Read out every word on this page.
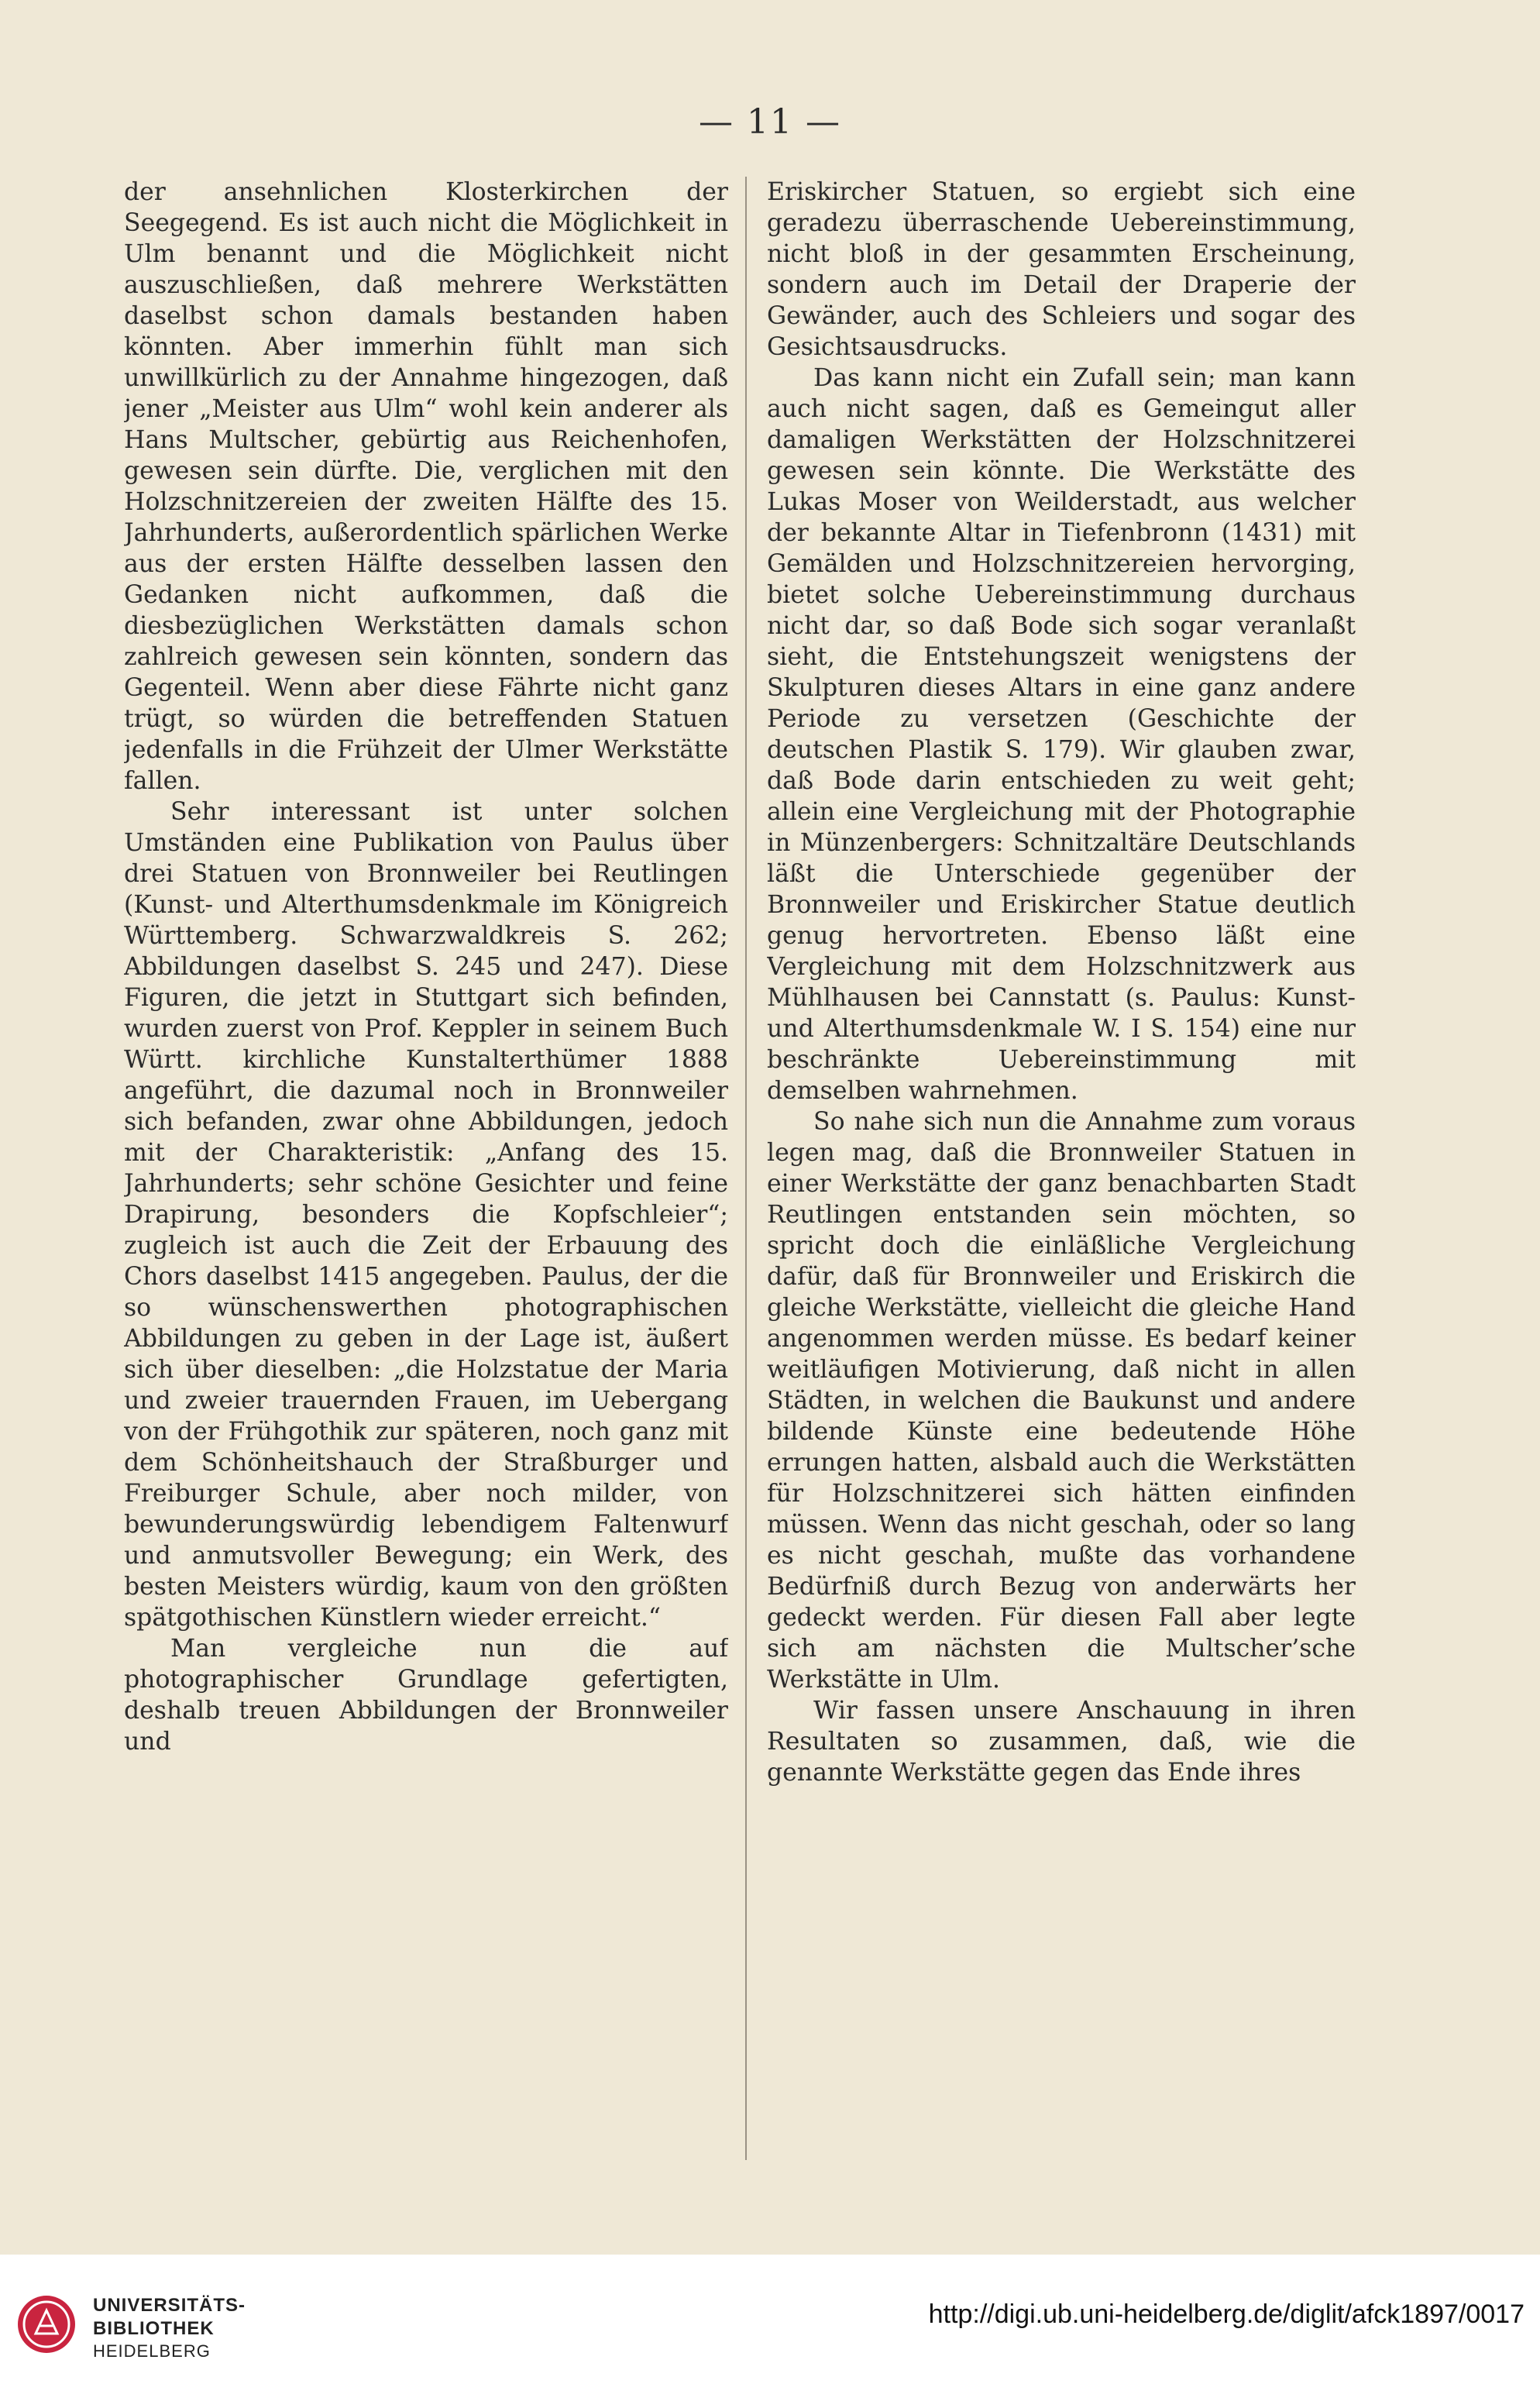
— 11 —

der ansehnlichen Klosterkirchen der Seegegend. Es ist auch nicht die Möglichkeit in Ulm benannt und die Möglichkeit nicht auszuschließen, daß mehrere Werkstätten daselbst schon damals bestanden haben könnten. Aber immerhin fühlt man sich unwillkürlich zu der Annahme hingezogen, daß jener „Meister aus Ulm“ wohl kein anderer als Hans Multscher, gebürtig aus Reichenhofen, gewesen sein dürfte. Die, verglichen mit den Holzschnitzereien der zweiten Hälfte des 15. Jahrhunderts, außerordentlich spärlichen Werke aus der ersten Hälfte desselben lassen den Gedanken nicht aufkommen, daß die diesbezüglichen Werkstätten damals schon zahlreich gewesen sein könnten, sondern das Gegenteil. Wenn aber diese Fährte nicht ganz trügt, so würden die betreffenden Statuen jedenfalls in die Frühzeit der Ulmer Werkstätte fallen.

Sehr interessant ist unter solchen Umständen eine Publikation von Paulus über drei Statuen von Bronnweiler bei Reutlingen (Kunst- und Alterthumsdenkmale im Königreich Württemberg. Schwarzwaldkreis S. 262; Abbildungen daselbst S. 245 und 247). Diese Figuren, die jetzt in Stuttgart sich befinden, wurden zuerst von Prof. Keppler in seinem Buch Württ. kirchliche Kunstalterthümer 1888 angeführt, die dazumal noch in Bronnweiler sich befanden, zwar ohne Abbildungen, jedoch mit der Charakteristik: „Anfang des 15. Jahrhunderts; sehr schöne Gesichter und feine Drapirung, besonders die Kopfschleier“; zugleich ist auch die Zeit der Erbauung des Chors daselbst 1415 angegeben. Paulus, der die so wünschenswerthen photographischen Abbildungen zu geben in der Lage ist, äußert sich über dieselben: „die Holzstatue der Maria und zweier trauernden Frauen, im Uebergang von der Frühgothik zur späteren, noch ganz mit dem Schönheitshauch der Straßburger und Freiburger Schule, aber noch milder, von bewunderungswürdig lebendigem Faltenwurf und anmutsvoller Bewegung; ein Werk, des besten Meisters würdig, kaum von den größten spätgothischen Künstlern wieder erreicht.“

Man vergleiche nun die auf photographischer Grundlage gefertigten, deshalb treuen Abbildungen der Bronnweiler und

Eriskircher Statuen, so ergiebt sich eine geradezu überraschende Uebereinstimmung, nicht bloß in der gesammten Erscheinung, sondern auch im Detail der Draperie der Gewänder, auch des Schleiers und sogar des Gesichtsausdrucks.

Das kann nicht ein Zufall sein; man kann auch nicht sagen, daß es Gemeingut aller damaligen Werkstätten der Holzschnitzerei gewesen sein könnte. Die Werkstätte des Lukas Moser von Weilderstadt, aus welcher der bekannte Altar in Tiefenbronn (1431) mit Gemälden und Holzschnitzereien hervorging, bietet solche Uebereinstimmung durchaus nicht dar, so daß Bode sich sogar veranlaßt sieht, die Entstehungszeit wenigstens der Skulpturen dieses Altars in eine ganz andere Periode zu versetzen (Geschichte der deutschen Plastik S. 179). Wir glauben zwar, daß Bode darin entschieden zu weit geht; allein eine Vergleichung mit der Photographie in Münzenbergers: Schnitzaltäre Deutschlands läßt die Unterschiede gegenüber der Bronnweiler und Eriskircher Statue deutlich genug hervortreten. Ebenso läßt eine Vergleichung mit dem Holzschnitzwerk aus Mühlhausen bei Cannstatt (s. Paulus: Kunst- und Alterthumsdenkmale W. I S. 154) eine nur beschränkte Uebereinstimmung mit demselben wahrnehmen.

So nahe sich nun die Annahme zum voraus legen mag, daß die Bronnweiler Statuen in einer Werkstätte der ganz benachbarten Stadt Reutlingen entstanden sein möchten, so spricht doch die einläßliche Vergleichung dafür, daß für Bronnweiler und Eriskirch die gleiche Werkstätte, vielleicht die gleiche Hand angenommen werden müsse. Es bedarf keiner weitläufigen Motivierung, daß nicht in allen Städten, in welchen die Baukunst und andere bildende Künste eine bedeutende Höhe errungen hatten, alsbald auch die Werkstätten für Holzschnitzerei sich hätten einfinden müssen. Wenn das nicht geschah, oder so lang es nicht geschah, mußte das vorhandene Bedürfniß durch Bezug von anderwärts her gedeckt werden. Für diesen Fall aber legte sich am nächsten die Multscher’sche Werkstätte in Ulm.

Wir fassen unsere Anschauung in ihren Resultaten so zusammen, daß, wie die genannte Werkstätte gegen das Ende ihres

UNIVERSITÄTS-
BIBLIOTHEK
HEIDELBERG
http://digi.ub.uni-heidelberg.de/diglit/afck1897/0017
